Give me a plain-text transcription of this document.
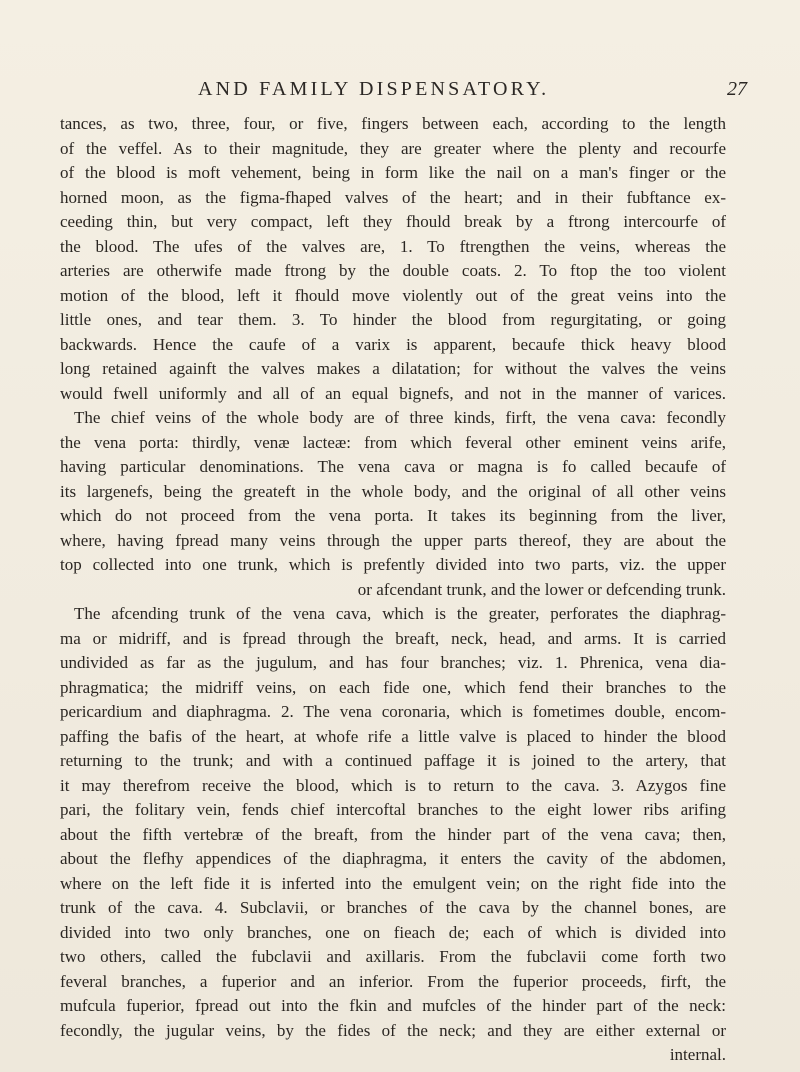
AND FAMILY DISPENSATORY.	27
tances, as two, three, four, or five, fingers between each, according to the length
of the veffel. As to their magnitude, they are greater where the plenty and recourfe
of the blood is moft vehement, being in form like the nail on a man's finger or the
horned moon, as the figma-fhaped valves of the heart; and in their fubftance ex-
ceeding thin, but very compact, left they fhould break by a ftrong intercourfe of
the blood. The ufes of the valves are, 1. To ftrengthen the veins, whereas the
arteries are otherwife made ftrong by the double coats. 2. To ftop the too violent
motion of the blood, left it fhould move violently out of the great veins into the
little ones, and tear them. 3. To hinder the blood from regurgitating, or going
backwards. Hence the caufe of a varix is apparent, becaufe thick heavy blood
long retained againft the valves makes a dilatation; for without the valves the veins
would fwell uniformly and all of an equal bignefs, and not in the manner of varices.
The chief veins of the whole body are of three kinds, firft, the vena cava: fecondly
the vena porta: thirdly, venæ lacteæ: from which feveral other eminent veins arife,
having particular denominations. The vena cava or magna is fo called becaufe of
its largenefs, being the greateft in the whole body, and the original of all other veins
which do not proceed from the vena porta. It takes its beginning from the liver,
where, having fpread many veins through the upper parts thereof, they are about the
top collected into one trunk, which is prefently divided into two parts, viz. the upper
or afcendant trunk, and the lower or defcending trunk.
The afcending trunk of the vena cava, which is the greater, perforates the diaphrag-
ma or midriff, and is fpread through the breaft, neck, head, and arms. It is carried
undivided as far as the jugulum, and has four branches; viz. 1. Phrenica, vena dia-
phragmatica; the midriff veins, on each fide one, which fend their branches to the
pericardium and diaphragma. 2. The vena coronaria, which is fometimes double, encom-
paffing the bafis of the heart, at whofe rife a little valve is placed to hinder the blood
returning to the trunk; and with a continued paffage it is joined to the artery, that
it may therefrom receive the blood, which is to return to the cava. 3. Azygos fine
pari, the folitary vein, fends chief intercoftal branches to the eight lower ribs arifing
about the fifth vertebræ of the breaft, from the hinder part of the vena cava; then,
about the flefhy appendices of the diaphragma, it enters the cavity of the abdomen,
where on the left fide it is inferted into the emulgent vein; on the right fide into the
trunk of the cava. 4. Subclavii, or branches of the cava by the channel bones, are
divided into two only branches, one on fieach de; each of which is divided into
two others, called the fubclavii and axillaris. From the fubclavii come forth two
feveral branches, a fuperior and an inferior. From the fuperior proceeds, firft, the
mufcula fuperior, fpread out into the fkin and mufcles of the hinder part of the neck:
fecondly, the jugular veins, by the fides of the neck; and they are either external or
internal.
